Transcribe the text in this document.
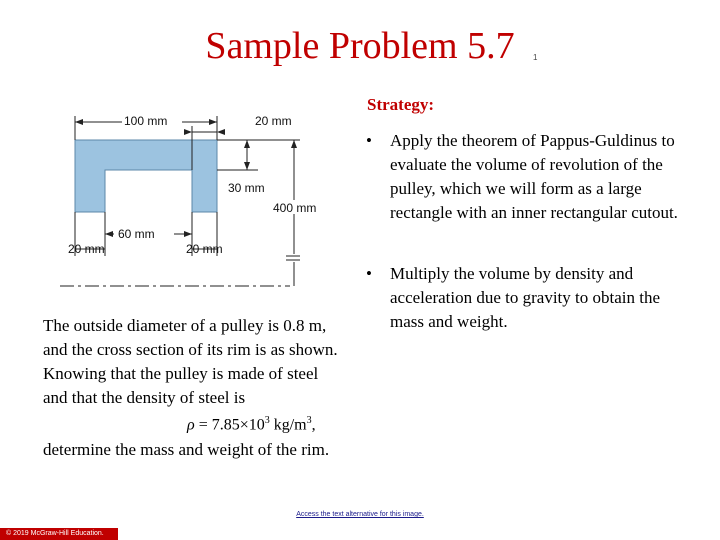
Sample Problem 5.7	1
Strategy:
• Apply the theorem of Pappus-Guldinus to evaluate the volume of revolution of the pulley, which we will form as a large rectangle with an inner rectangular cutout.
• Multiply the volume by density and acceleration due to gravity to obtain the mass and weight.
100 mm	20 mm
30 mm
400 mm
60 mm
20 mm	20 mm
The outside diameter of a pulley is 0.8 m, and the cross section of its rim is as shown. Knowing that the pulley is made of steel and that the density of steel is
$\rho = 7.85\times 10^3$ $kg/m^3$,
determine the mass and weight of the rim.
Access the text alternative for this image.
© 2019 McGraw-Hill Education.
